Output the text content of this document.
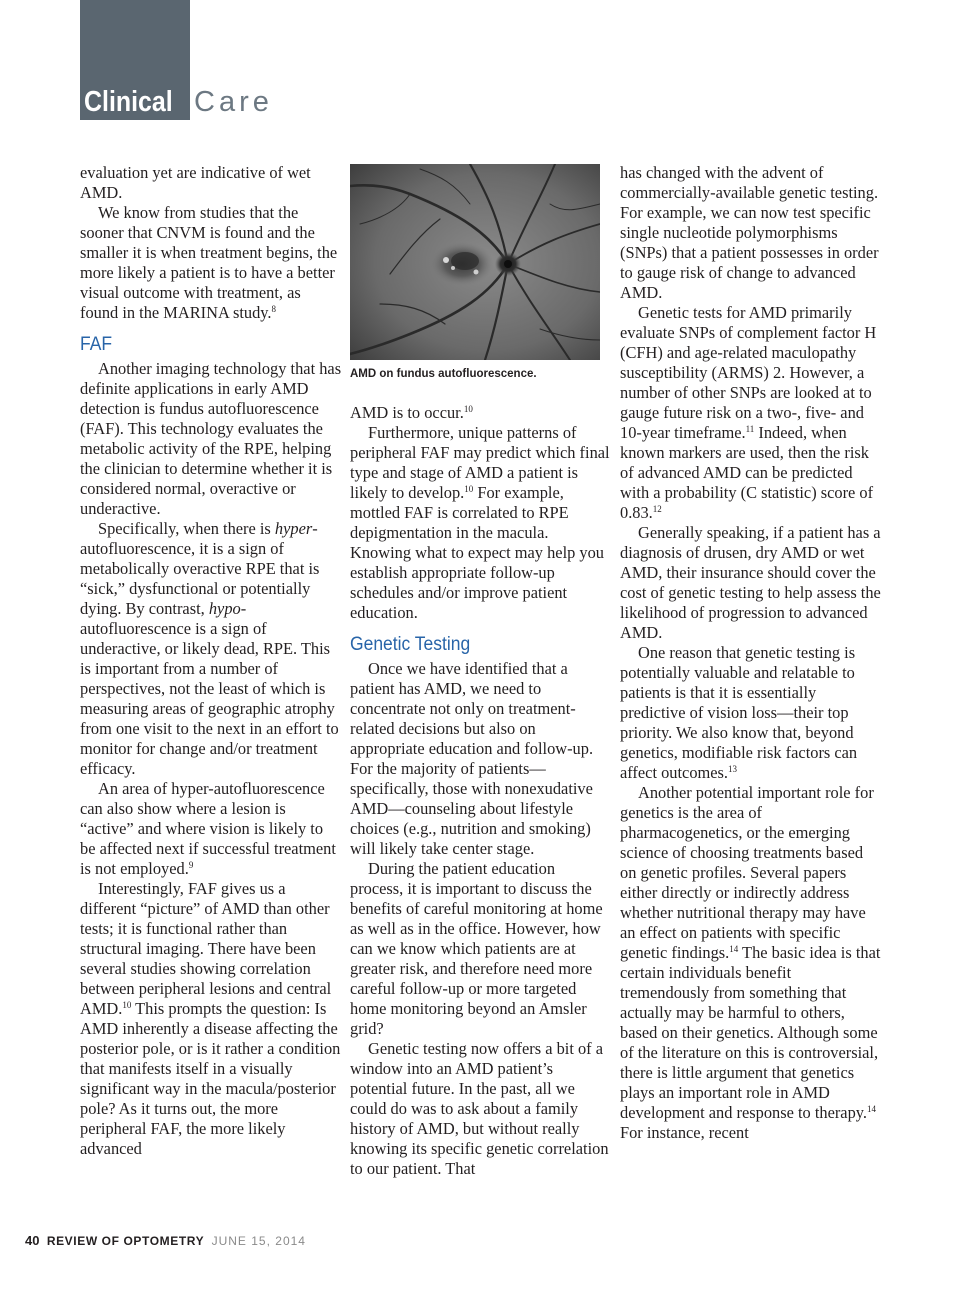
Clinical Care

evaluation yet are indicative of wet AMD.

We know from studies that the sooner that CNVM is found and the smaller it is when treatment begins, the more likely a patient is to have a better visual outcome with treatment, as found in the MARINA study.$^8$

FAF

Another imaging technology that has definite applications in early AMD detection is fundus autofluorescence (FAF). This technology evaluates the metabolic activity of the RPE, helping the clinician to determine whether it is considered normal, overactive or underactive.

Specifically, when there is hyper-autofluorescence, it is a sign of metabolically overactive RPE that is “sick,” dysfunctional or potentially dying. By contrast, hypo-autofluorescence is a sign of underactive, or likely dead, RPE. This is important from a number of perspectives, not the least of which is measuring areas of geographic atrophy from one visit to the next in an effort to monitor for change and/or treatment efficacy.

An area of hyper-autofluorescence can also show where a lesion is “active” and where vision is likely to be affected next if successful treatment is not employed.$^9$

Interestingly, FAF gives us a different “picture” of AMD than other tests; it is functional rather than structural imaging. There have been several studies showing correlation between peripheral lesions and central AMD.$^{10}$ This prompts the question: Is AMD inherently a disease affecting the posterior pole, or is it rather a condition that manifests itself in a visually significant way in the macula/posterior pole? As it turns out, the more peripheral FAF, the more likely advanced

AMD on fundus autofluorescence.

AMD is to occur.$^{10}$

Furthermore, unique patterns of peripheral FAF may predict which final type and stage of AMD a patient is likely to develop.$^{10}$ For example, mottled FAF is correlated to RPE depigmentation in the macula. Knowing what to expect may help you establish appropriate follow-up schedules and/or improve patient education.

Genetic Testing

Once we have identified that a patient has AMD, we need to concentrate not only on treatment-related decisions but also on appropriate education and follow-up. For the majority of patients—specifically, those with nonexudative AMD—counseling about lifestyle choices (e.g., nutrition and smoking) will likely take center stage.

During the patient education process, it is important to discuss the benefits of careful monitoring at home as well as in the office. However, how can we know which patients are at greater risk, and therefore need more careful follow-up or more targeted home monitoring beyond an Amsler grid?

Genetic testing now offers a bit of a window into an AMD patient’s potential future. In the past, all we could do was to ask about a family history of AMD, but without really knowing its specific genetic correlation to our patient. That

has changed with the advent of commercially-available genetic testing. For example, we can now test specific single nucleotide polymorphisms (SNPs) that a patient possesses in order to gauge risk of change to advanced AMD.

Genetic tests for AMD primarily evaluate SNPs of complement factor H (CFH) and age-related maculopathy susceptibility (ARMS) 2. However, a number of other SNPs are looked at to gauge future risk on a two-, five- and 10-year timeframe.$^{11}$ Indeed, when known markers are used, then the risk of advanced AMD can be predicted with a probability (C statistic) score of 0.83.12

Generally speaking, if a patient has a diagnosis of drusen, dry AMD or wet AMD, their insurance should cover the cost of genetic testing to help assess the likelihood of progression to advanced AMD.

One reason that genetic testing is potentially valuable and relatable to patients is that it is essentially predictive of vision loss—their top priority. We also know that, beyond genetics, modifiable risk factors can affect outcomes.$^{13}$

Another potential important role for genetics is the area of pharmacogenetics, or the emerging science of choosing treatments based on genetic profiles. Several papers either directly or indirectly address whether nutritional therapy may have an effect on patients with specific genetic findings.$^{14}$ The basic idea is that certain individuals benefit tremendously from something that actually may be harmful to others, based on their genetics. Although some of the literature on this is controversial, there is little argument that genetics plays an important role in AMD development and response to therapy.$^{14}$ For instance, recent

40 REVIEW OF OPTOMETRY JUNE 15, 2014
